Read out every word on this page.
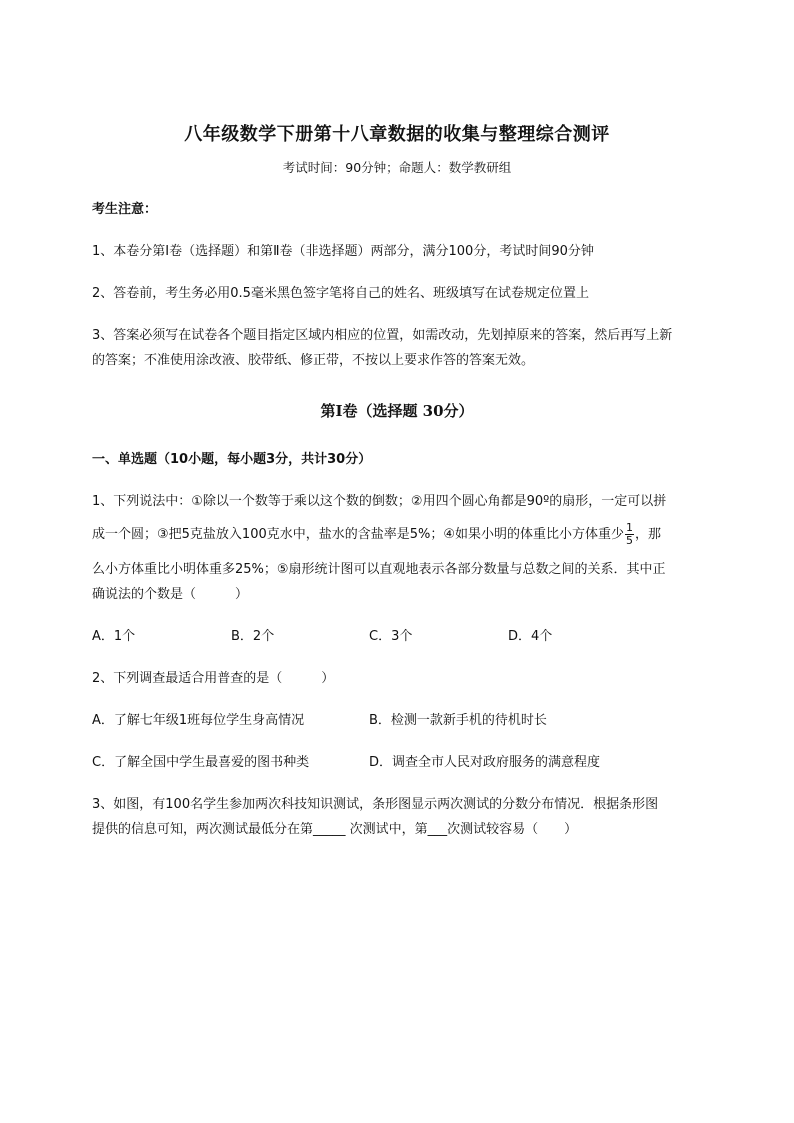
八年级数学下册第十八章数据的收集与整理综合测评
考试时间：90分钟；命题人：数学教研组
考生注意：
1、本卷分第I卷（选择题）和第Ⅱ卷（非选择题）两部分，满分100分，考试时间90分钟
2、答卷前，考生务必用0.5毫米黑色签字笔将自己的姓名、班级填写在试卷规定位置上
3、答案必须写在试卷各个题目指定区域内相应的位置，如需改动，先划掉原来的答案，然后再写上新
的答案；不准使用涂改液、胶带纸、修正带，不按以上要求作答的答案无效。
第I卷（选择题 30分）
一、单选题（10小题，每小题3分，共计30分）
1、下列说法中：①除以一个数等于乘以这个数的倒数；②用四个圆心角都是90º的扇形，一定可以拼
成一个圆；③把5克盐放入100克水中，盐水的含盐率是5%；④如果小明的体重比小方体重少 $\frac{1}{5}$ ，那
么小方体重比小明体重多25%；⑤扇形统计图可以直观地表示各部分数量与总数之间的关系．其中正
确说法的个数是（　　　）
A．1个	B．2个	C．3个	D．4个
2、下列调查最适合用普查的是（　　　）
A．了解七年级1班每位学生身高情况	B．检测一款新手机的待机时长
C．了解全国中学生最喜爱的图书种类	D．调查全市人民对政府服务的满意程度
3、如图，有100名学生参加两次科技知识测试，条形图显示两次测试的分数分布情况．根据条形图
提供的信息可知，两次测试最低分在第_____ 次测试中，第___次测试较容易（　　）
